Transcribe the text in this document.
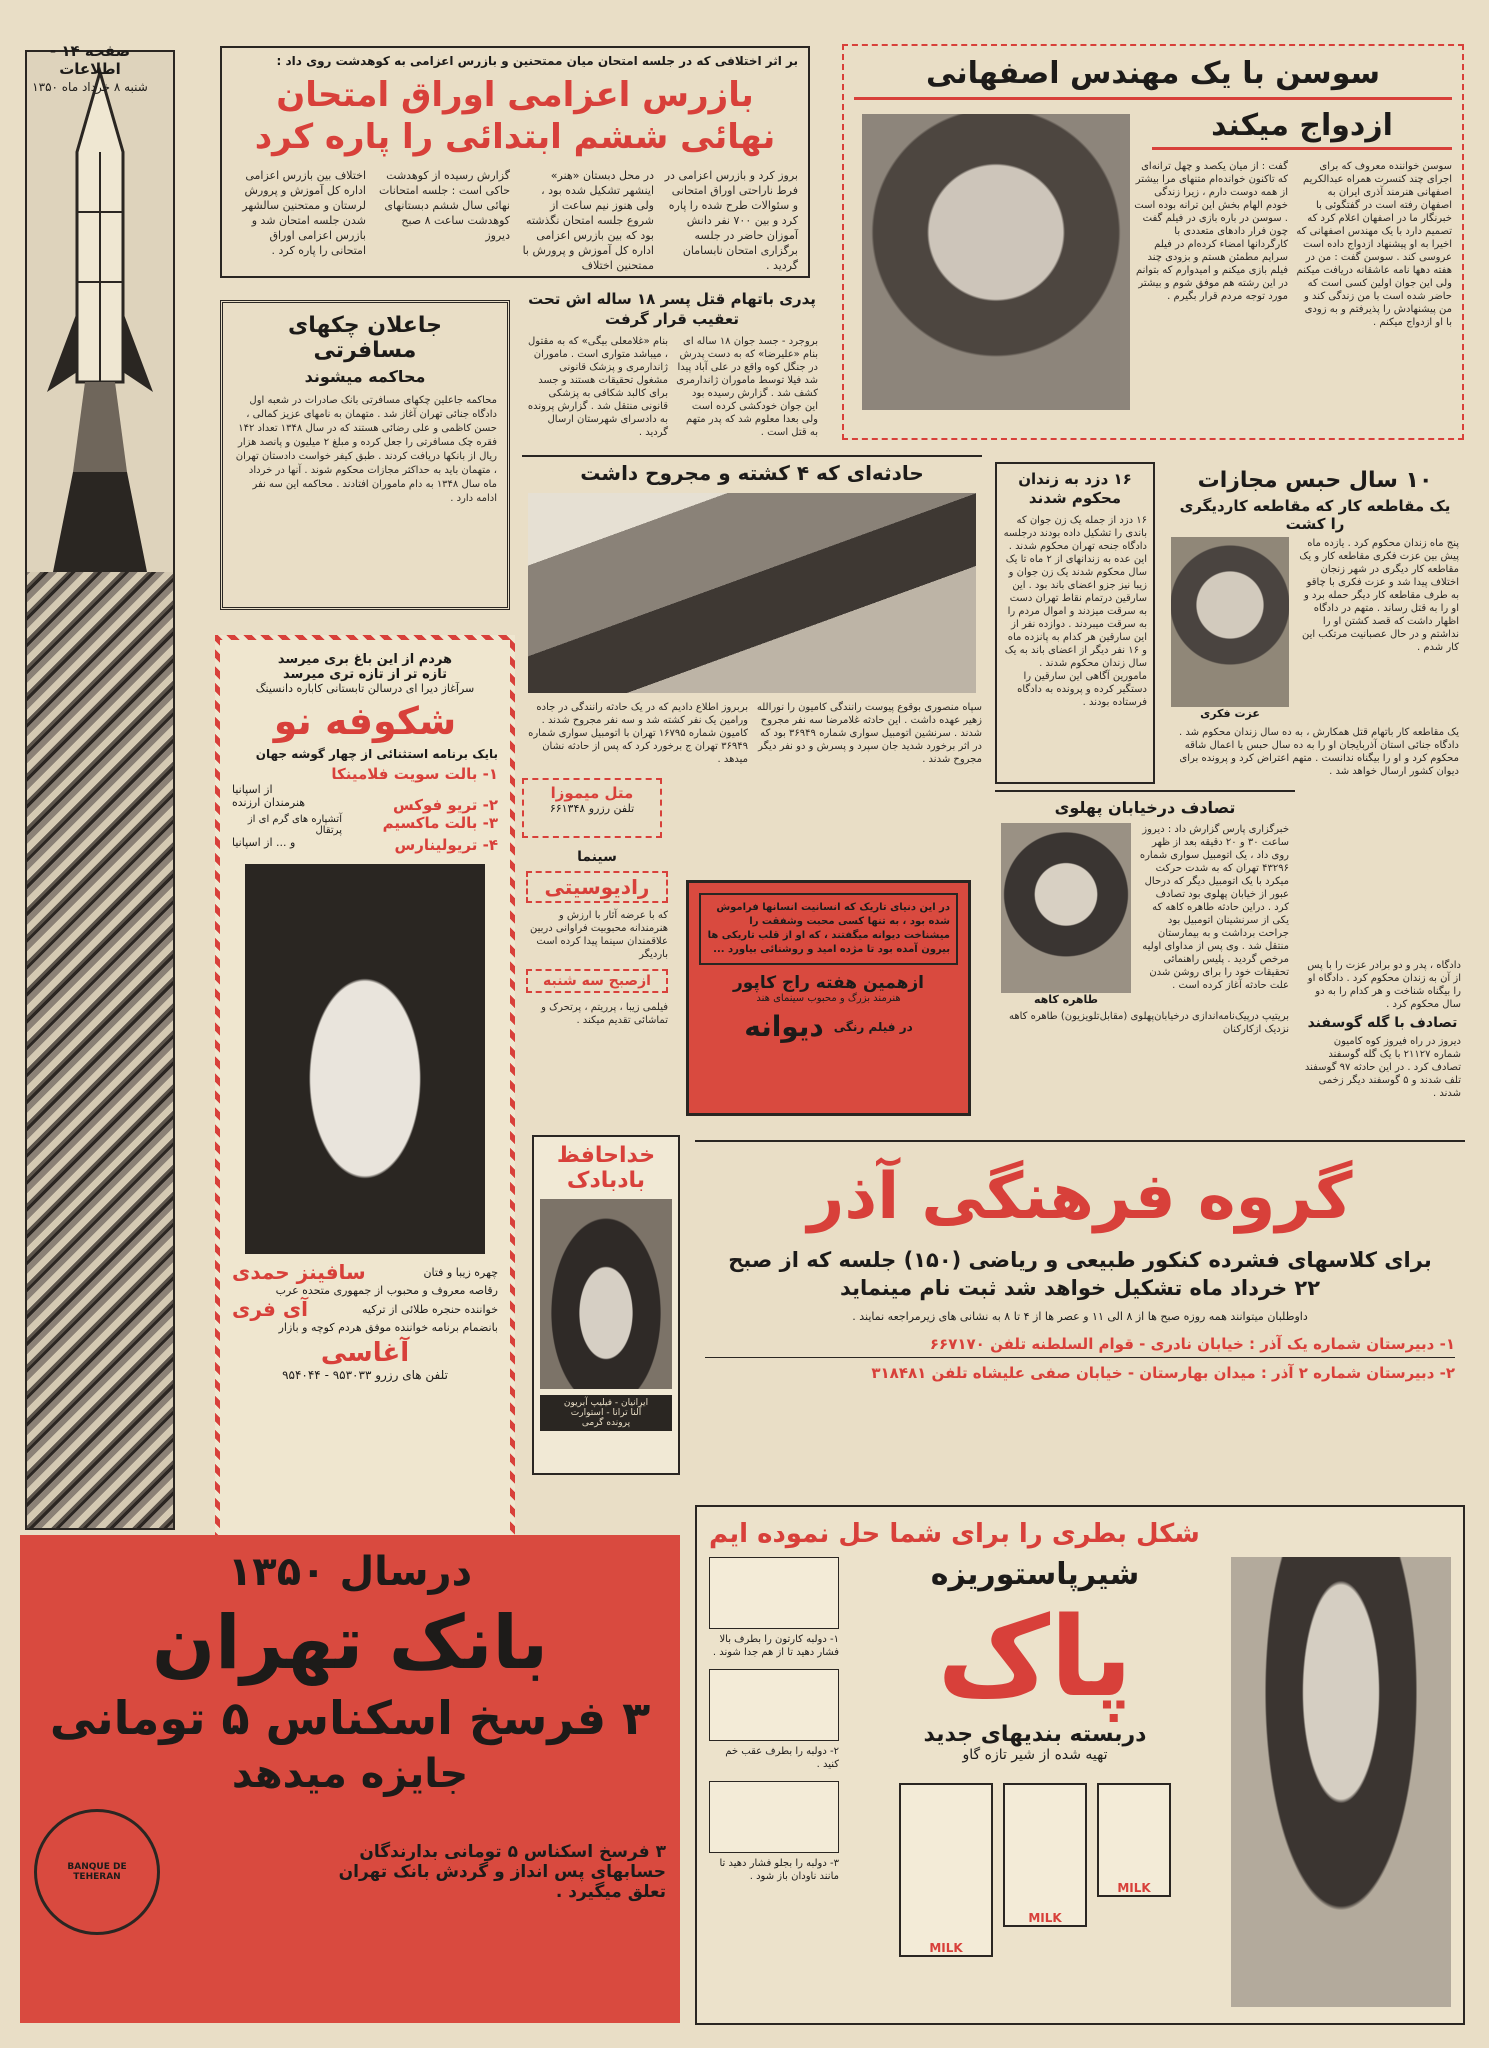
صفحه ۱۴ - اطلاعات
شنبه ۸ خرداد ماه ۱۳۵۰
بر اثر اختلافی که در جلسه امتحان میان ممتحنین و بازرس اعزامی به کوهدشت روی داد :
بازرس اعزامی اوراق امتحان
نهائی ششم ابتدائی را پاره کرد
بروز کرد و بازرس اعزامی در فرط ناراحتی اوراق امتحانی و سئوالات طرح شده را پاره کرد و بین ۷۰۰ نفر دانش آموزان حاضر در جلسه برگزاری امتحان نابسامان گردید .
در محل دبستان «هنر» اینشهر تشکیل شده بود ، ولی هنوز نیم ساعت از شروع جلسه امتحان نگذشته بود که بین بازرس اعزامی اداره کل آموزش و پرورش با ممتحنین اختلاف
گزارش رسیده از کوهدشت حاکی است : جلسه امتحانات نهائی سال ششم دبستانهای کوهدشت ساعت ۸ صبح دیروز
اختلاف بین بازرس اعزامی اداره کل آموزش و پرورش لرستان و ممتحنین سالشهر شدن جلسه امتحان شد و بازرس اعزامی اوراق امتحانی را پاره کرد .
سوسن با یک مهندس اصفهانی
ازدواج میکند
سوسن خواننده معروف که برای اجرای چند کنسرت همراه عبدالکریم اصفهانی هنرمند آذری ایران به اصفهان رفته است در گفتگوئی با خبرنگار ما در اصفهان اعلام کرد که تصمیم دارد با یک مهندس اصفهانی که اخیرا به او پیشنهاد ازدواج داده است عروسی کند . سوسن گفت : من در هفته دهها نامه عاشقانه دریافت میکنم ولی این جوان اولین کسی است که حاضر شده است با من زندگی کند و من پیشنهادش را پذیرفتم و به زودی با او ازدواج میکنم .
گفت : از میان یکصد و چهل ترانه‌ای که تاکنون خوانده‌ام متنهای مرا بیشتر از همه دوست دارم ، زیرا زندگی خودم الهام بخش این ترانه بوده است . سوسن در باره بازی در فیلم گفت چون فرار دادهای متعددی با کارگردانها امضاء کرده‌ام در فیلم سرایم مطمئن هستم و بزودی چند فیلم بازی میکنم و امیدوارم که بتوانم در این رشته هم موفق شوم و بیشتر مورد توجه مردم قرار بگیرم .
پدری باتهام قتل پسر ۱۸ ساله اش تحت تعقیب قرار گرفت
بروجرد - جسد جوان ۱۸ ساله ای بنام «علیرضا» که به دست پدرش در جنگل کوه واقع در علی آباد پیدا شد فیلا توسط ماموران ژاندارمری کشف شد . گزارش رسیده بود این جوان خودکشی کرده است ولی بعدا معلوم شد که پدر متهم به قتل است .
بنام «غلامعلی بیگی» که به مقتول ، میباشد متواری است . ماموران ژاندارمری و پزشک قانونی مشغول تحقیقات هستند و جسد برای کالبد شکافی به پزشکی قانونی منتقل شد . گزارش پرونده به دادسرای شهرستان ارسال گردید .
جاعلان چکهای مسافرتی
محاکمه میشوند
محاکمه جاعلین چکهای مسافرتی بانک صادرات در شعبه اول دادگاه جنائی تهران آغاز شد . متهمان به نامهای عزیز کمالی ، حسن کاظمی و علی رضائی هستند که در سال ۱۳۴۸ تعداد ۱۴۲ فقره چک مسافرتی را جعل کرده و مبلغ ۲ میلیون و پانصد هزار ریال از بانکها دریافت کردند . طبق کیفر خواست دادستان تهران ، متهمان باید به حداکثر مجازات محکوم شوند . آنها در خرداد ماه سال ۱۳۴۸ به دام ماموران افتادند . محاکمه این سه نفر ادامه دارد .
حادثه‌ای که ۴ کشته و مجروح داشت
سپاه منصوری بوقوع پیوست رانندگی کامیون را نورالله زهیر عهده داشت . این حادثه غلامرضا سه نفر مجروح شدند . سرنشین اتومبیل سواری شماره ۳۶۹۴۹ بود که در اثر برخورد شدید جان سپرد و پسرش و دو نفر دیگر مجروح شدند .
بربروز اطلاع دادیم که در یک حادثه رانندگی در جاده ورامین یک نفر کشته شد و سه نفر مجروح شدند . کامیون شماره ۱۶۷۹۵ تهران با اتومبیل سواری شماره ۳۶۹۴۹ تهران ج برخورد کرد که پس از حادثه نشان میدهد .
۱۶ دزد به زندان محکوم شدند
۱۶ دزد از جمله یک زن جوان که باندی را تشکیل داده بودند درجلسه دادگاه جنحه تهران محکوم شدند . این عده به زندانهای از ۲ ماه تا یک سال محکوم شدند یک زن جوان و زیبا نیز جزو اعضای باند بود . این سارقین درتمام نقاط تهران دست به سرقت میزدند و اموال مردم را به سرقت میبردند . دوازده نفر از این سارقین هر کدام به پانزده ماه و ۱۶ نفر دیگر از اعضای باند به یک سال زندان محکوم شدند . مامورین آگاهی این سارقین را دستگیر کرده و پرونده به دادگاه فرستاده بودند .
۱۰ سال حبس مجازات
یک مقاطعه کار که مقاطعه کاردیگری را کشت
پنج ماه زندان محکوم کرد . یازده ماه پیش بین عزت فکری مقاطعه کار و یک مقاطعه کار دیگری در شهر زنجان اختلاف پیدا شد و عزت فکری با چاقو به طرف مقاطعه کار دیگر حمله برد و او را به قتل رساند . متهم در دادگاه اظهار داشت که قصد کشتن او را نداشتم و در حال عصبانیت مرتکب این کار شدم .
عزت فکری
یک مقاطعه کار باتهام قتل همکارش ، به ده سال زندان محکوم شد . دادگاه جنائی استان آذربایجان او را به ده سال حبس با اعمال شاقه محکوم کرد و او را بیگناه ندانست . متهم اعتراض کرد و پرونده برای دیوان کشور ارسال خواهد شد .
تصادف درخیابان پهلوی
خبرگزاری پارس گزارش داد : دیروز ساعت ۳۰ و ۲۰ دقیقه بعد از ظهر روی داد ، یک اتومبیل سواری شماره ۴۳۲۹۶ تهران که به شدت حرکت میکرد با یک اتومبیل دیگر که درحال عبور از خیابان پهلوی بود تصادف کرد . دراین حادثه طاهره کاهه که یکی از سرنشینان اتومبیل بود جراحت برداشت و به بیمارستان منتقل شد . وی پس از مداوای اولیه مرخص گردید . پلیس راهنمائی تحقیقات خود را برای روشن شدن علت حادثه آغاز کرده است .
طاهره کاهه
بریتیپ درپیک‌نامه‌اندازی درخیابان‌پهلوی (مقابل‌تلویزیون) طاهره کاهه نزدیک ازکارکنان
دادگاه ، پدر و دو برادر عزت را با پس از آن به زندان محکوم کرد . دادگاه او را بیگناه شناخت و هر کدام را به دو سال محکوم کرد .
تصادف با گله گوسفند
دیروز در راه فیروز کوه کامیون شماره ۲۱۱۲۷ با یک گله گوسفند تصادف کرد . در این حادثه ۹۷ گوسفند تلف شدند و ۵ گوسفند دیگر زخمی شدند .
هردم از این باغ بری میرسد
تازه تر از تازه تری میرسد
سرآغاز دیرا ای درسالن تابستانی کاباره دانسینگ
شکوفه نو
بایک برنامه استثنائی از چهار گوشه جهان
۱- بالت سویت فلامینکا
از اسپانیا
۲- تریو فوکس
هنرمندان ارزنده
۳- بالت ماکسیم
آتشپاره های گرم ای از پرتقال
۴- تریولینارس
و ... از اسپانیا
چهره زیبا و فتان
سافینز حمدی
رقاصه معروف و محبوب از جمهوری متحده عرب
خواننده حنجره طلائی از ترکیه
آی فری
بانضمام برنامه خواننده موفق هردم کوچه و بازار
آغاسی
تلفن های رزرو ۹۵۳۰۳۳ - ۹۵۴۰۴۴
متل میموزا
تلفن رزرو ۶۶۱۳۴۸
سینما
رادیوسیتی
که با عرضه آثار با ارزش و هنرمندانه محبوبیت فراوانی دربین علاقمندان سینما پیدا کرده است باردیگر
ازصبح سه شنبه
فیلمی زیبا ، پرریتم ، پرتحرک و تماشائی تقدیم میکند .
در این دنیای تاریک که انسانیت انسانها فراموش شده بود ، به تنها کسی محبت وشفقت را میشناخت دیوانه میگفتند ، که او از قلب تاریکی ها بیرون آمده بود تا مژده امید و روشنائی بیاورد ...
ازهمین هفته راج کاپور
هنرمند بزرگ و محبوب سینمای هند
در فیلم رنگی
دیوانه
خداحافظ
بادبادک
ایرانیان - فیلیپ آبریون
آلنا ترانا - استوارت
پرونده گرمی
گروه فرهنگی آذر
برای کلاسهای فشرده کنکور طبیعی و ریاضی (۱۵۰) جلسه که از صبح
۲۲ خرداد ماه تشکیل خواهد شد ثبت نام مینماید
داوطلبان میتوانند همه روزه صبح ها از ۸ الی ۱۱ و عصر ها از ۴ تا ۸ به نشانی های زیرمراجعه نمایند .
۱- دبیرستان شماره یک آذر : خیابان نادری - قوام السلطنه تلفن ۶۶۷۱۷۰
۲- دبیرستان شماره ۲ آذر : میدان بهارستان - خیابان صفی علیشاه تلفن ۳۱۸۴۸۱
درسال ۱۳۵۰
بانک تهران
۳ فرسخ اسکناس ۵ تومانی
جایزه میدهد
۳ فرسخ اسکناس ۵ تومانی بدارندگان
حسابهای پس انداز و گردش بانک تهران
تعلق میگیرد .
BANQUE DE TEHERAN
شکل بطری را برای شما حل نموده ایم
شیرپاستوریزه
پاک
دربسته بندیهای جدید
تهیه شده از شیر تازه گاو
MILK
MILK
MILK
۱- دولبه کارتون را بطرف بالا فشار دهید تا از هم جدا شوند .
۲- دولبه را بطرف عقب خم کنید .
۳- دولبه را بجلو فشار دهید تا مانند ناودان باز شود .
